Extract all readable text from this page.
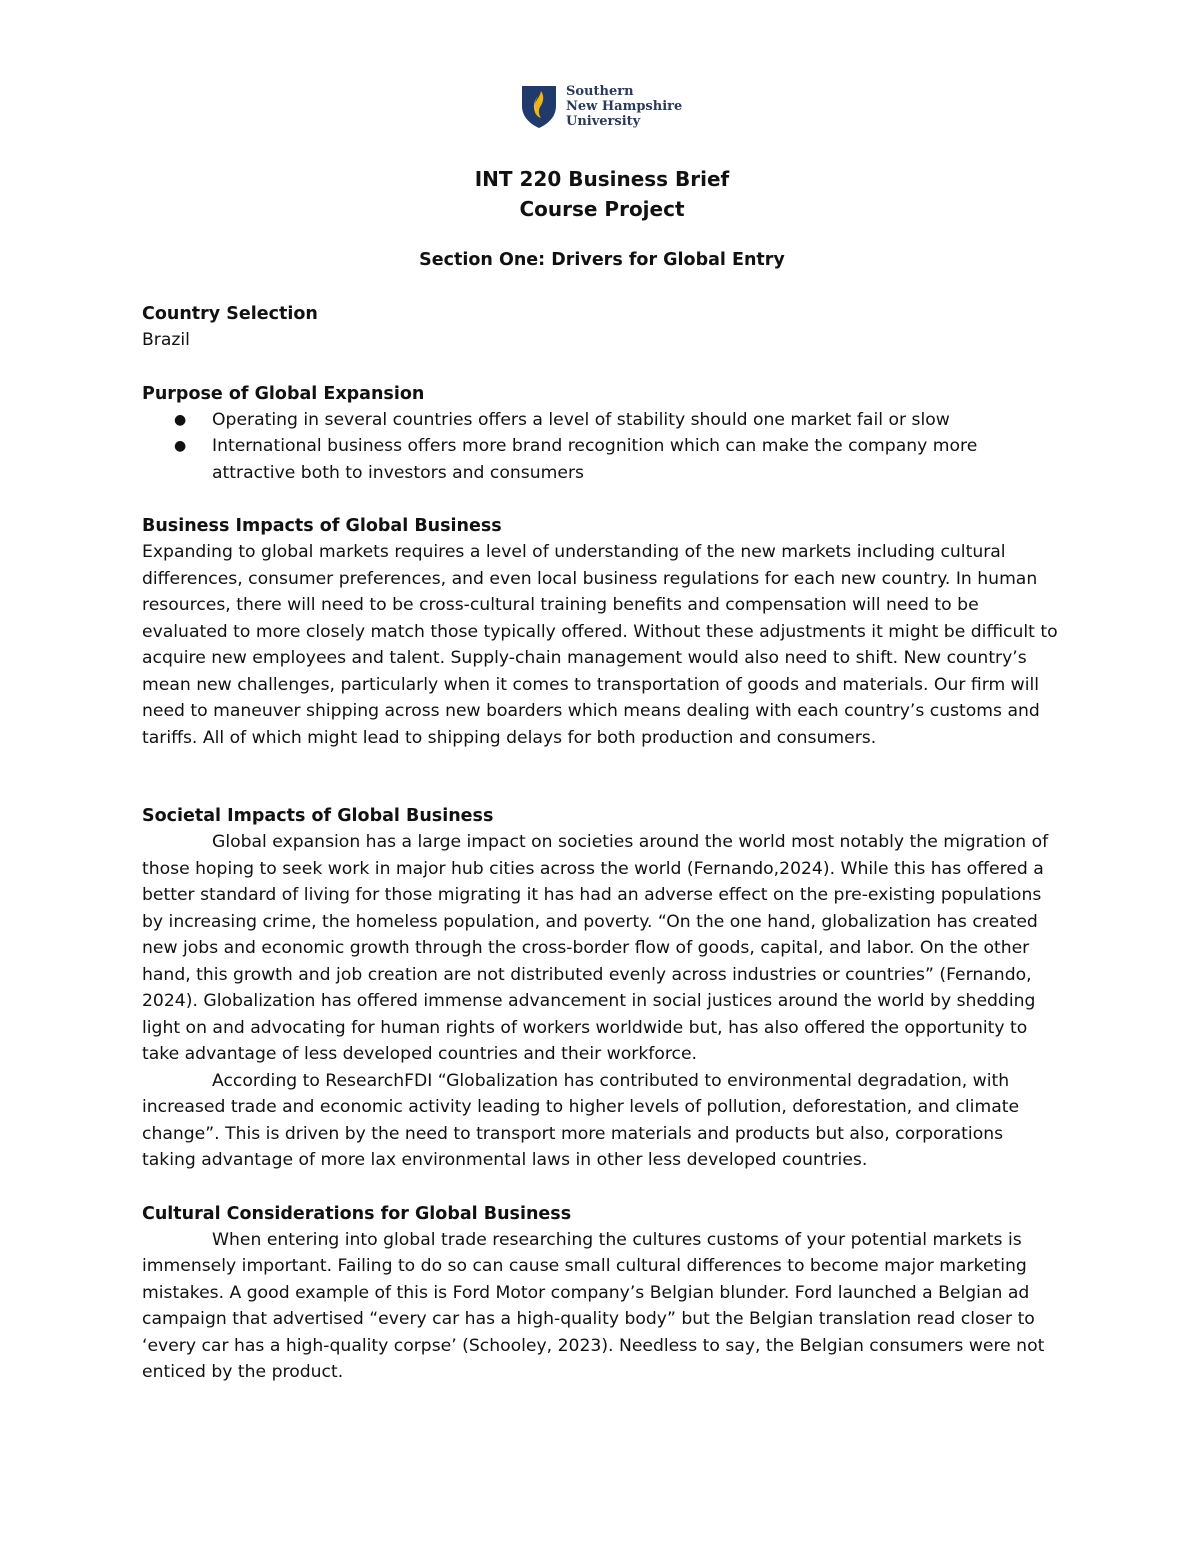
Southern
New Hampshire
University
INT 220 Business Brief
Course Project
Section One: Drivers for Global Entry
Country Selection

Brazil

Purpose of Global Expansion
● Operating in several countries offers a level of stability should one market fail or slow
● International business offers more brand recognition which can make the company more attractive both to investors and consumers
Business Impacts of Global Business

Expanding to global markets requires a level of understanding of the new markets including cultural differences, consumer preferences, and even local business regulations for each new country. In human resources, there will need to be cross-cultural training benefits and compensation will need to be evaluated to more closely match those typically offered. Without these adjustments it might be difficult to acquire new employees and talent. Supply-chain management would also need to shift. New country’s mean new challenges, particularly when it comes to transportation of goods and materials. Our firm will need to maneuver shipping across new boarders which means dealing with each country’s customs and tariffs. All of which might lead to shipping delays for both production and consumers.

Societal Impacts of Global Business

Global expansion has a large impact on societies around the world most notably the migration of those hoping to seek work in major hub cities across the world (Fernando,2024). While this has offered a better standard of living for those migrating it has had an adverse effect on the pre-existing populations by increasing crime, the homeless population, and poverty. “On the one hand, globalization has created new jobs and economic growth through the cross-border flow of goods, capital, and labor. On the other hand, this growth and job creation are not distributed evenly across industries or countries” (Fernando, 2024). Globalization has offered immense advancement in social justices around the world by shedding light on and advocating for human rights of workers worldwide but, has also offered the opportunity to take advantage of less developed countries and their workforce.

According to ResearchFDI “Globalization has contributed to environmental degradation, with increased trade and economic activity leading to higher levels of pollution, deforestation, and climate change”. This is driven by the need to transport more materials and products but also, corporations taking advantage of more lax environmental laws in other less developed countries.

Cultural Considerations for Global Business

When entering into global trade researching the cultures customs of your potential markets is immensely important. Failing to do so can cause small cultural differences to become major marketing mistakes. A good example of this is Ford Motor company’s Belgian blunder. Ford launched a Belgian ad campaign that advertised “every car has a high-quality body” but the Belgian translation read closer to ‘every car has a high-quality corpse’ (Schooley, 2023). Needless to say, the Belgian consumers were not enticed by the product.
